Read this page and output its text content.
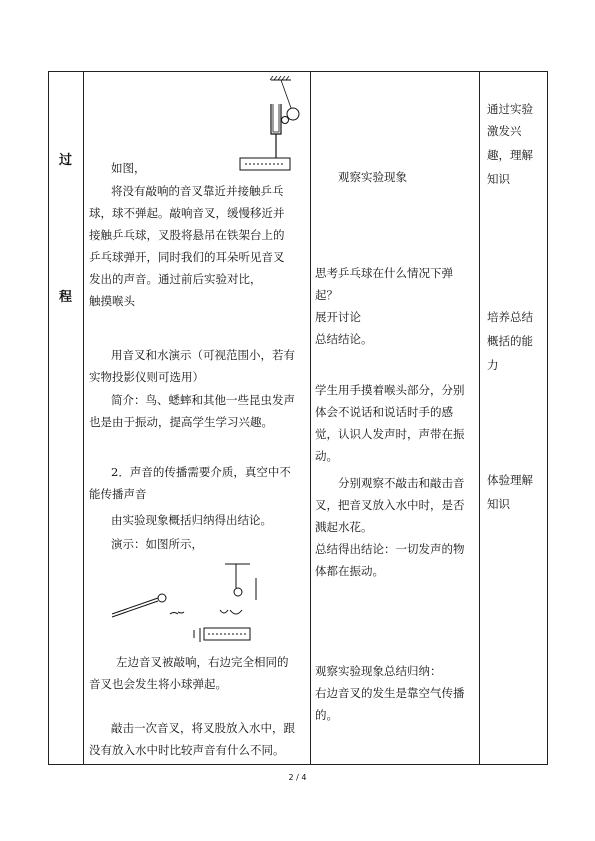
过
程
如图，
将没有敲响的音叉靠近并接触乒乓
球，球不弹起。敲响音叉，缓慢移近并
接触乒乓球，叉股将悬吊在铁架台上的
乒乓球弹开，同时我们的耳朵听见音叉
发出的声音。通过前后实验对比，
触摸喉头
用音叉和水演示（可视范围小，若有
实物投影仪则可选用）
简介：鸟、蟋蟀和其他一些昆虫发声
也是由于振动，提高学生学习兴趣。
2．声音的传播需要介质，真空中不
能传播声音
由实验现象概括归纳得出结论。
演示：如图所示，
左边音叉被敲响，右边完全相同的
音叉也会发生将小球弹起。
敲击一次音叉，将叉股放入水中，跟
没有放入水中时比较声音有什么不同。
观察实验现象
思考乒乓球在什么情况下弹
起？
展开讨论
总结结论。
学生用手摸着喉头部分，分别
体会不说话和说话时手的感
觉，认识人发声时，声带在振
动。
分别观察不敲击和敲击音
叉，把音叉放入水中时，是否
溅起水花。
总结得出结论：一切发声的物
体都在振动。
观察实验现象总结归纳：
右边音叉的发生是靠空气传播
的。
通过实验
激发兴
趣，理解
知识
培养总结
概括的能
力
体验理解
知识
2 / 4
